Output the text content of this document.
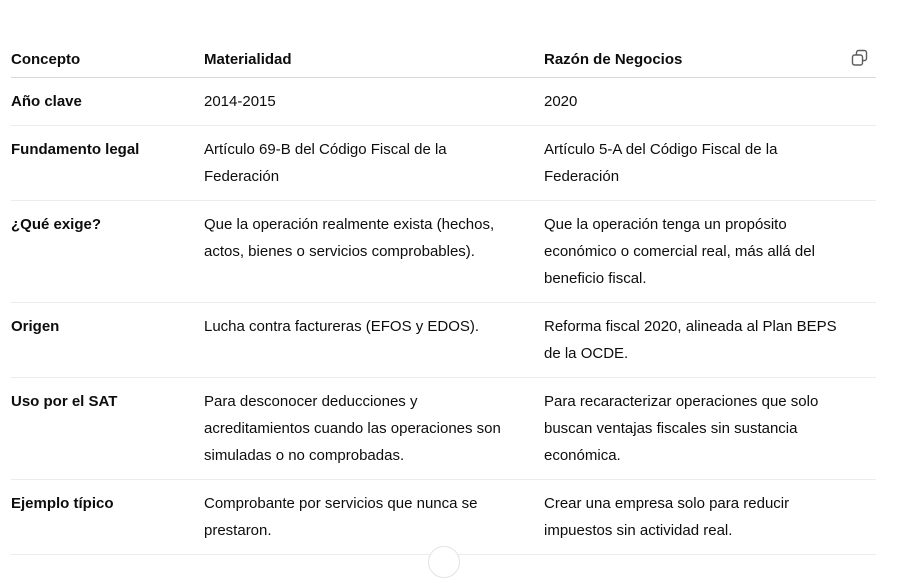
Concepto	Materialidad	Razón de Negocios

Año clave	2014-2015	2020

Fundamento legal	Artículo 69-B del Código Fiscal de la Federación	Artículo 5-A del Código Fiscal de la Federación

¿Qué exige?	Que la operación realmente exista (hechos, actos, bienes o servicios comprobables).	Que la operación tenga un propósito económico o comercial real, más allá del beneficio fiscal.

Origen	Lucha contra factureras (EFOS y EDOS).	Reforma fiscal 2020, alineada al Plan BEPS de la OCDE.

Uso por el SAT	Para desconocer deducciones y acreditamientos cuando las operaciones son simuladas o no comprobadas.	Para recaracterizar operaciones que solo buscan ventajas fiscales sin sustancia económica.

Ejemplo típico	Comprobante por servicios que nunca se prestaron.	Crear una empresa solo para reducir impuestos sin actividad real.
